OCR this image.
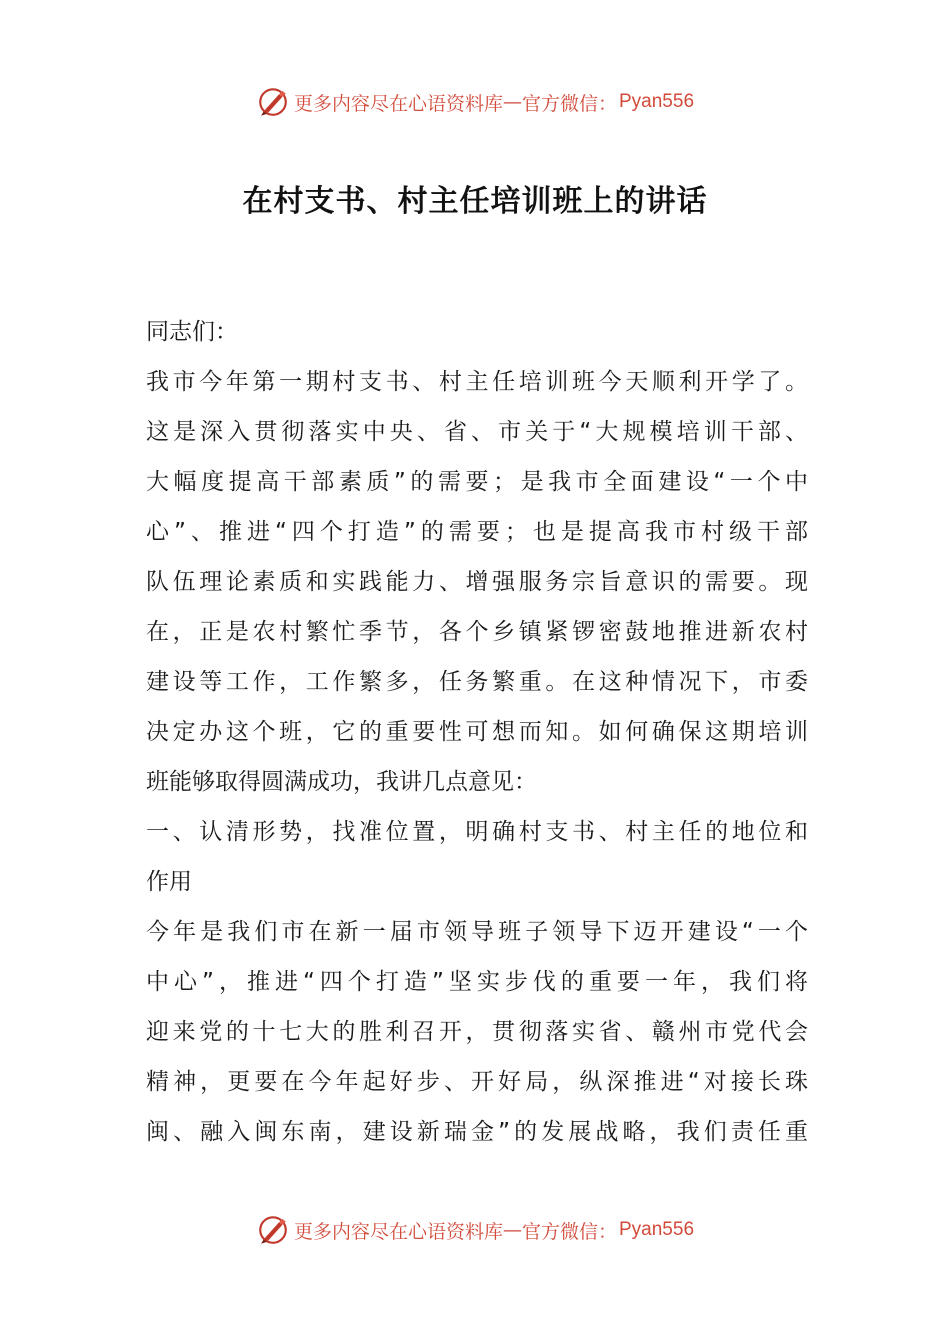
更多内容尽在心语资料库 — 官方微信： Pyan556
在村支书、村主任培训班上的讲话
同志们：
我市今年第一期村支书、村主任培训班今天顺利开学了。
这是深入贯彻落实中央、省、市关于“大规模培训干部、
大幅度提高干部素质”的需要；是我市全面建设“一个中
心”、推进“四个打造”的需要；也是提高我市村级干部
队伍理论素质和实践能力、增强服务宗旨意识的需要。现
在，正是农村繁忙季节，各个乡镇紧锣密鼓地推进新农村
建设等工作，工作繁多，任务繁重。在这种情况下，市委
决定办这个班，它的重要性可想而知。如何确保这期培训
班能够取得圆满成功，我讲几点意见：
一、认清形势，找准位置，明确村支书、村主任的地位和
作用
今年是我们市在新一届市领导班子领导下迈开建设“一个
中心”，推进“四个打造”坚实步伐的重要一年，我们将
迎来党的十七大的胜利召开，贯彻落实省、赣州市党代会
精神，更要在今年起好步、开好局，纵深推进“对接长珠
闽、融入闽东南，建设新瑞金”的发展战略，我们责任重
更多内容尽在心语资料库 — 官方微信： Pyan556
